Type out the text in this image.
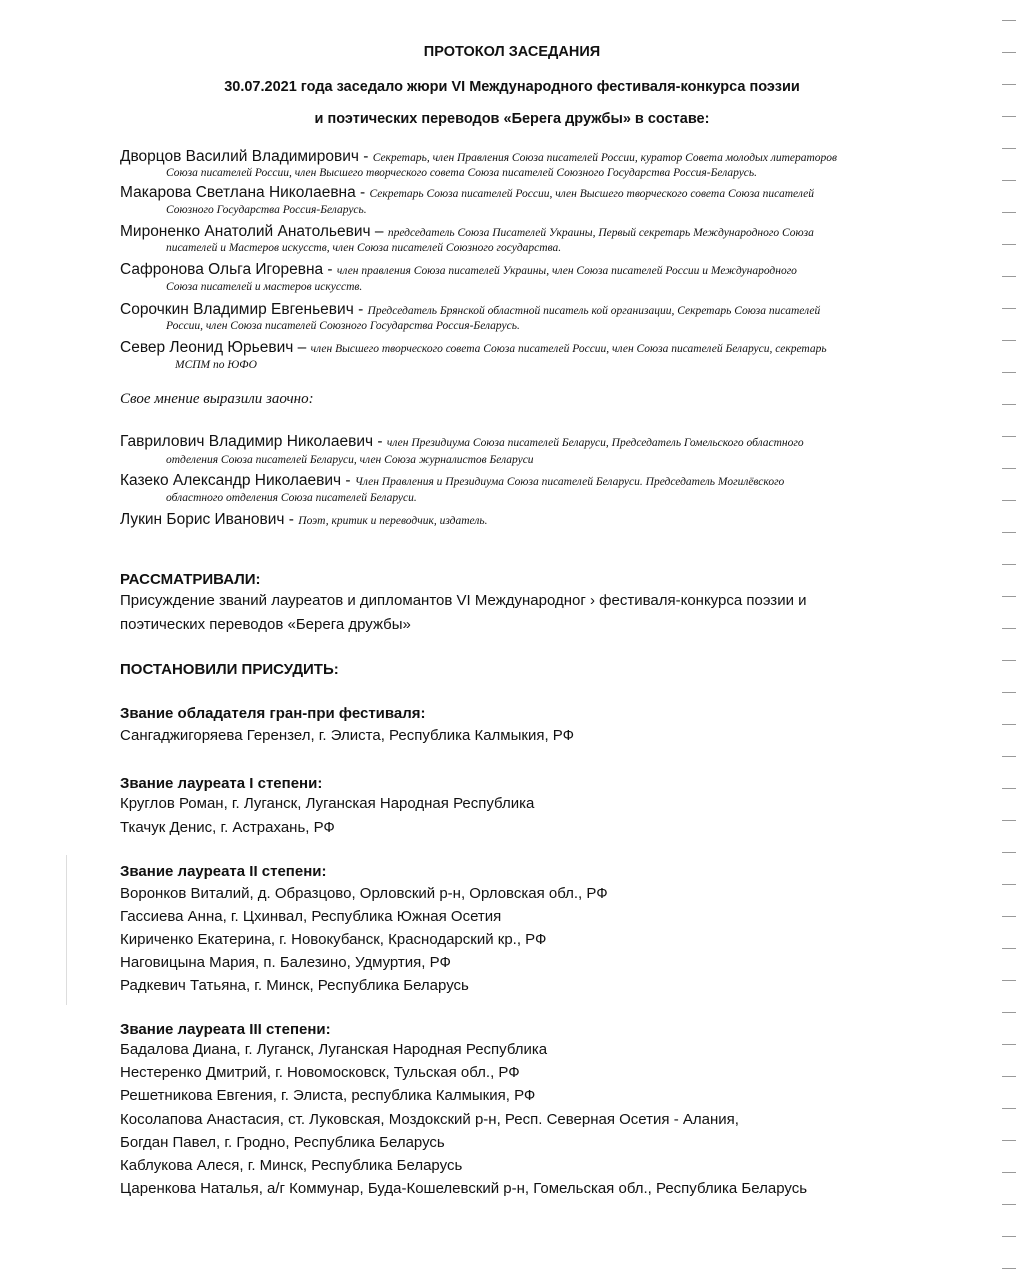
ПРОТОКОЛ ЗАСЕДАНИЯ
30.07.2021 года заседало жюри VI Международного фестиваля-конкурса поэзии
и поэтических переводов «Берега дружбы» в составе:
Дворцов Василий Владимирович - Секретарь, член Правления Союза писателей России, куратор Совета молодых литераторов
Союза писателей России, член Высшего творческого совета Союза писателей Союзного Государства Россия-Беларусь.
Макарова Светлана Николаевна - Секретарь Союза писателей России, член Высшего творческого совета Союза писателей
Союзного Государства Россия-Беларусь.
Мироненко Анатолий Анатольевич – председатель Союза Писателей Украины, Первый секретарь Международного Союза
писателей и Мастеров искусств, член Союза писателей Союзного государства.
Сафронова Ольга Игоревна - член правления Союза писателей Украины, член Союза писателей России и Международного
Союза писателей и мастеров искусств.
Сорочкин Владимир Евгеньевич - Председатель Брянской областной писатель кой организации, Секретарь Союза писателей
России, член Союза писателей Союзного Государства Россия-Беларусь.
Север Леонид Юрьевич – член Высшего творческого совета Союза писателей России, член Союза писателей Беларуси, секретарь
МСПМ по ЮФО
Свое мнение выразили заочно:
Гаврилович Владимир Николаевич - член Президиума Союза писателей Беларуси, Председатель Гомельского областного
отделения Союза писателей Беларуси, член Союза журналистов Беларуси
Казеко Александр Николаевич - Член Правления и Президиума Союза писателей Беларуси. Председатель Могилёвского
областного отделения Союза писателей Беларуси.
Лукин Борис Иванович - Поэт, критик и переводчик, издатель.
РАССМАТРИВАЛИ:
Присуждение званий лауреатов и дипломантов VI Международног › фестиваля-конкурса поэзии и
поэтических переводов «Берега дружбы»
ПОСТАНОВИЛИ ПРИСУДИТЬ:
Звание обладателя гран-при фестиваля:
Сангаджигоряева Герензел, г. Элиста, Республика Калмыкия, РФ
Звание лауреата I степени:
Круглов Роман, г. Луганск, Луганская Народная Республика
Ткачук Денис, г. Астрахань, РФ
Звание лауреата II степени:
Воронков Виталий, д. Образцово, Орловский р-н, Орловская обл., РФ
Гассиева Анна, г. Цхинвал, Республика Южная Осетия
Кириченко Екатерина, г. Новокубанск, Краснодарский кр., РФ
Наговицына Мария, п. Балезино, Удмуртия, РФ
Радкевич Татьяна, г. Минск, Республика Беларусь
Звание лауреата III степени:
Бадалова Диана, г. Луганск, Луганская Народная Республика
Нестеренко Дмитрий, г. Новомосковск, Тульская обл., РФ
Решетникова Евгения, г. Элиста, республика Калмыкия, РФ
Косолапова Анастасия, ст. Луковская, Моздокский р-н, Респ. Северная Осетия - Алания,
Богдан Павел, г. Гродно, Республика Беларусь
Каблукова Алеся, г. Минск, Республика Беларусь
Царенкова Наталья, а/г Коммунар, Буда-Кошелевский р-н, Гомельская обл., Республика Беларусь
